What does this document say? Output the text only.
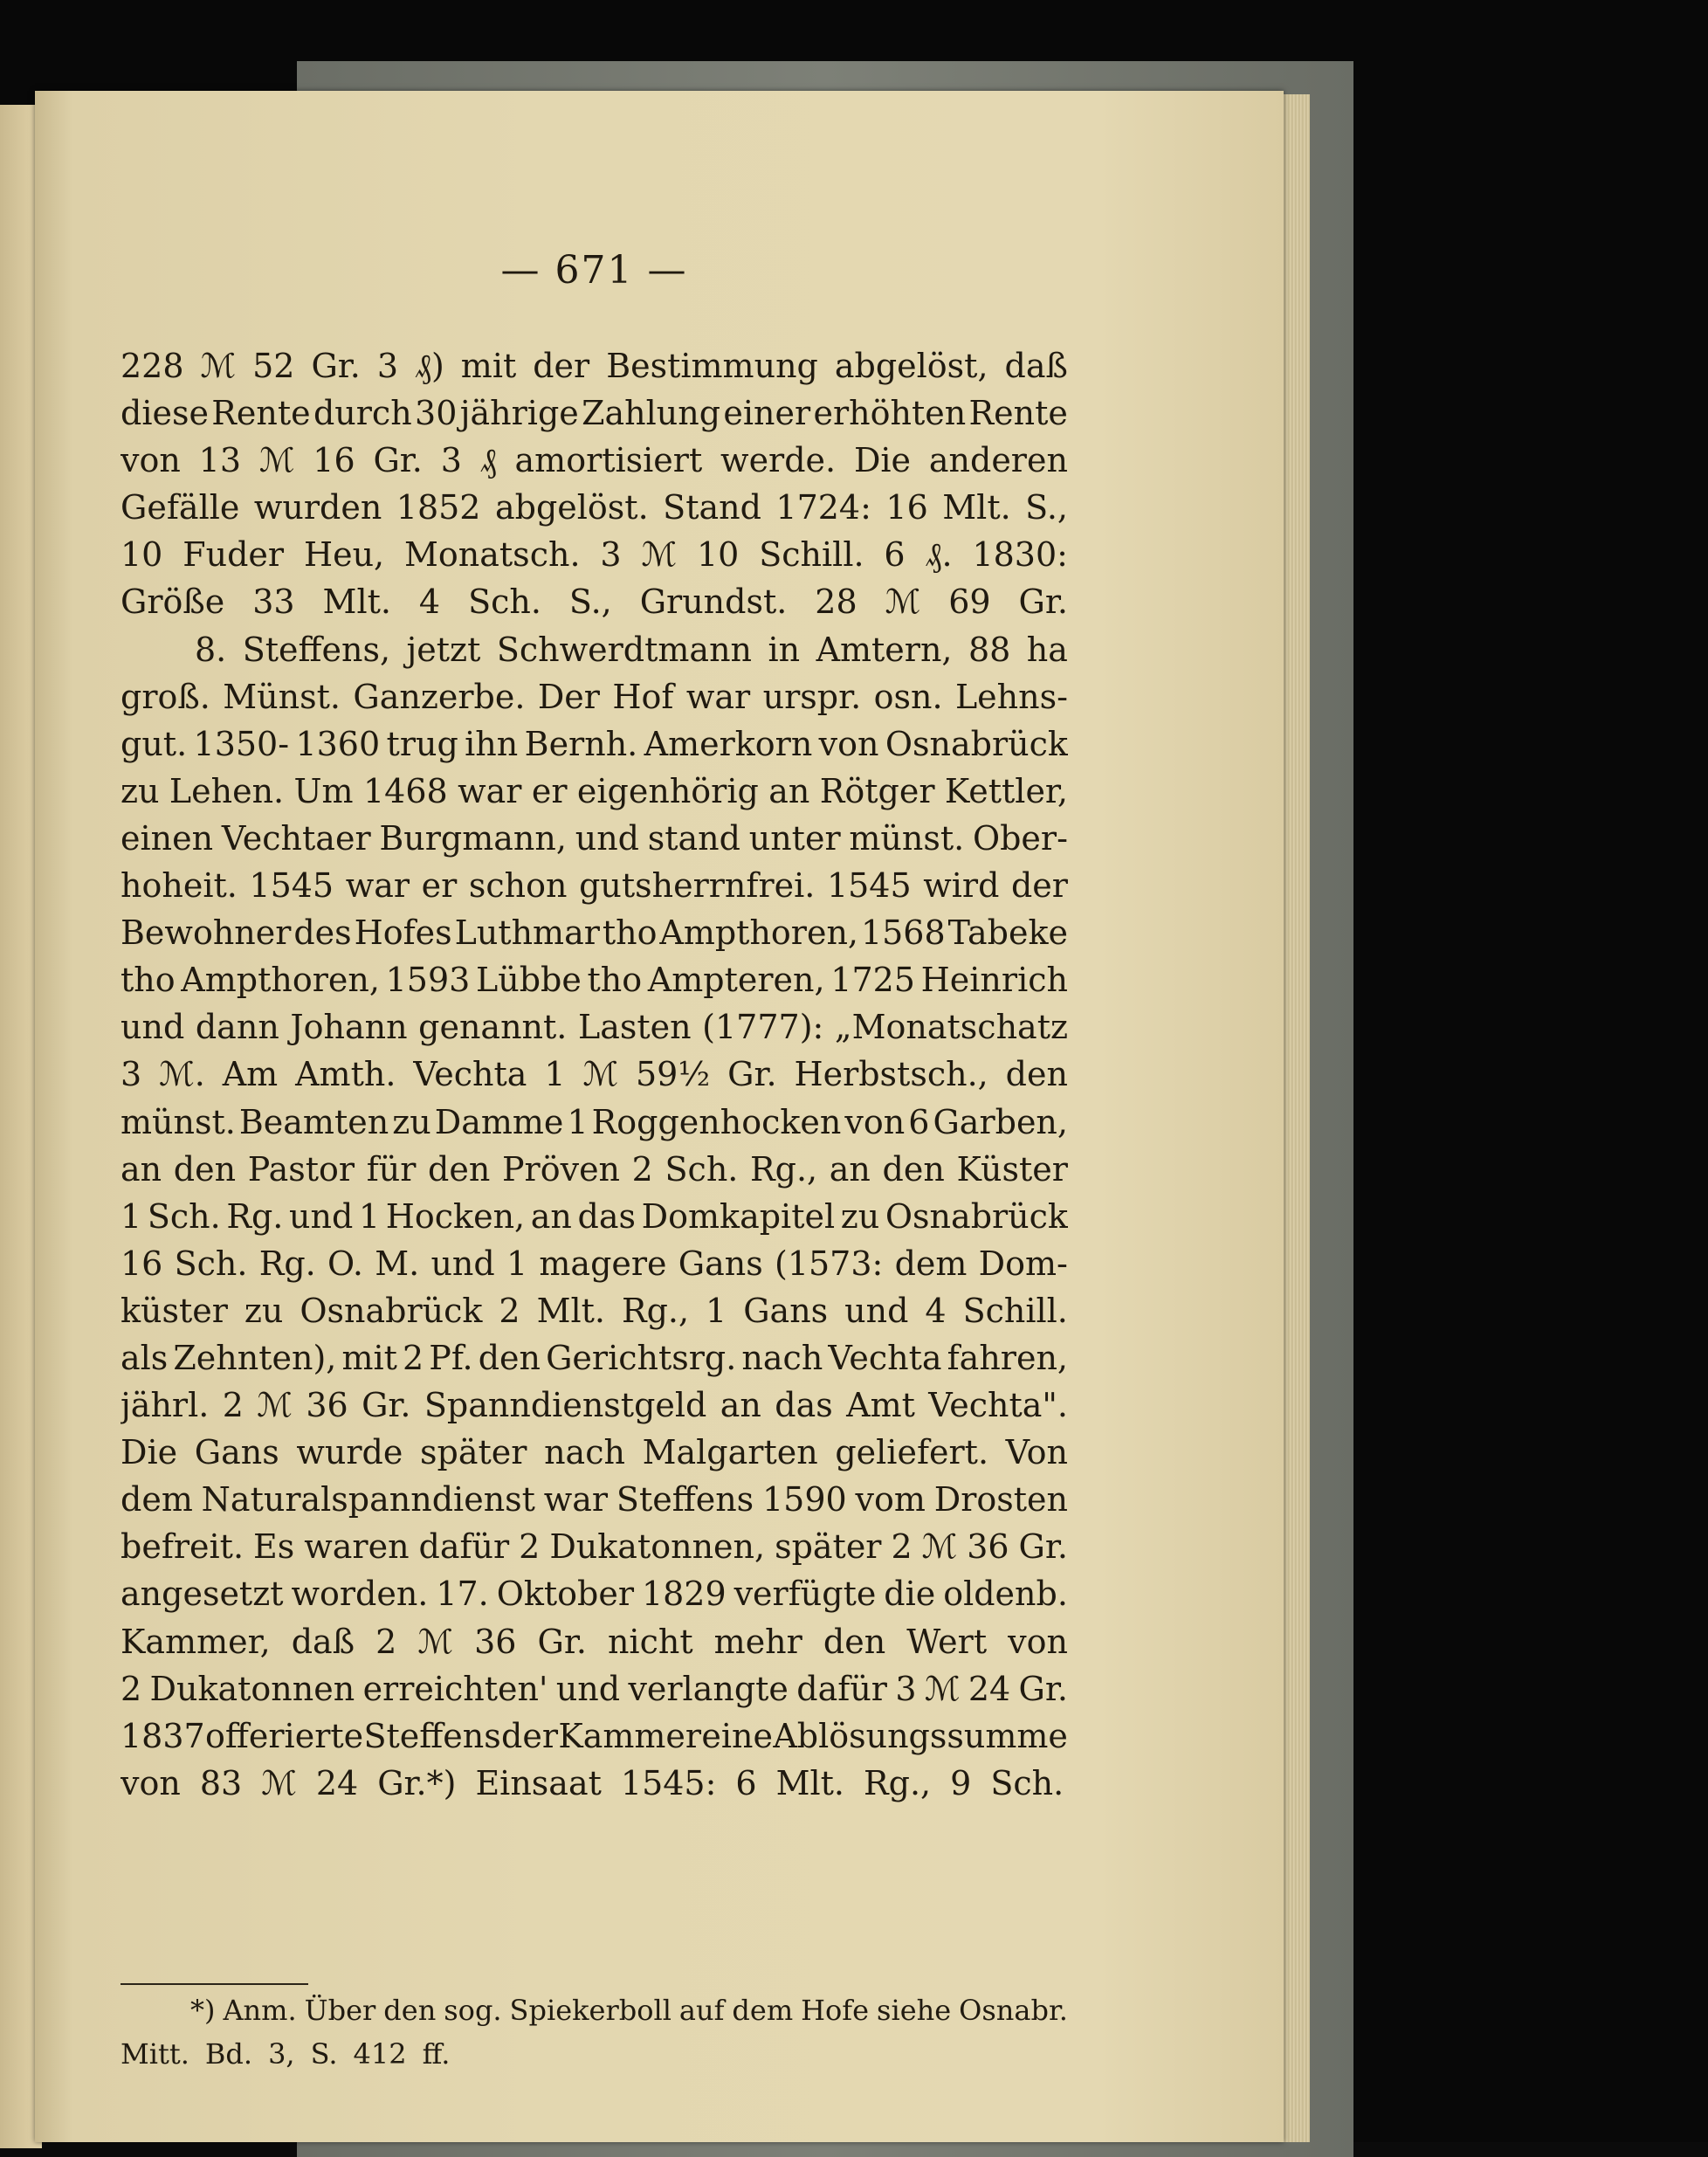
— 671 —
228 ℳ 52 Gr. 3 ₰) mit der Bestimmung abgelöst, daß
diese Rente durch 30 jährige Zahlung einer erhöhten Rente
von 13 ℳ 16 Gr. 3 ₰ amortisiert werde. Die anderen
Gefälle wurden 1852 abgelöst. Stand 1724: 16 Mlt. S.,
10 Fuder Heu, Monatsch. 3 ℳ 10 Schill. 6 ₰. 1830:
Größe 33 Mlt. 4 Sch. S., Grundst. 28 ℳ 69 Gr.
8. Steffens, jetzt Schwerdtmann in Amtern, 88 ha
groß. Münst. Ganzerbe. Der Hof war urspr. osn. Lehns-
gut. 1350- 1360 trug ihn Bernh. Amerkorn von Osnabrück
zu Lehen. Um 1468 war er eigenhörig an Rötger Kettler,
einen Vechtaer Burgmann, und stand unter münst. Ober-
hoheit. 1545 war er schon gutsherrnfrei. 1545 wird der
Bewohner des Hofes Luthmar tho Ampthoren, 1568 Tabeke
tho Ampthoren, 1593 Lübbe tho Ampteren, 1725 Heinrich
und dann Johann genannt. Lasten (1777): „Monatschatz
3 ℳ. Am Amth. Vechta 1 ℳ 59½ Gr. Herbstsch., den
münst. Beamten zu Damme 1 Roggenhocken von 6 Garben,
an den Pastor für den Pröven 2 Sch. Rg., an den Küster
1 Sch. Rg. und 1 Hocken, an das Domkapitel zu Osnabrück
16 Sch. Rg. O. M. und 1 magere Gans (1573: dem Dom-
küster zu Osnabrück 2 Mlt. Rg., 1 Gans und 4 Schill.
als Zehnten), mit 2 Pf. den Gerichtsrg. nach Vechta fahren,
jährl. 2 ℳ 36 Gr. Spanndienstgeld an das Amt Vechta".
Die Gans wurde später nach Malgarten geliefert. Von
dem Naturalspanndienst war Steffens 1590 vom Drosten
befreit. Es waren dafür 2 Dukatonnen, später 2 ℳ 36 Gr.
angesetzt worden. 17. Oktober 1829 verfügte die oldenb.
Kammer, daß 2 ℳ 36 Gr. nicht mehr den Wert von
2 Dukatonnen erreichten' und verlangte dafür 3 ℳ 24 Gr.
1837 offerierte Steffens der Kammer eine Ablösungssumme
von 83 ℳ 24 Gr.*) Einsaat 1545: 6 Mlt. Rg., 9 Sch.
*) Anm. Über den sog. Spiekerboll auf dem Hofe siehe Osnabr.
Mitt. Bd. 3, S. 412 ff.
